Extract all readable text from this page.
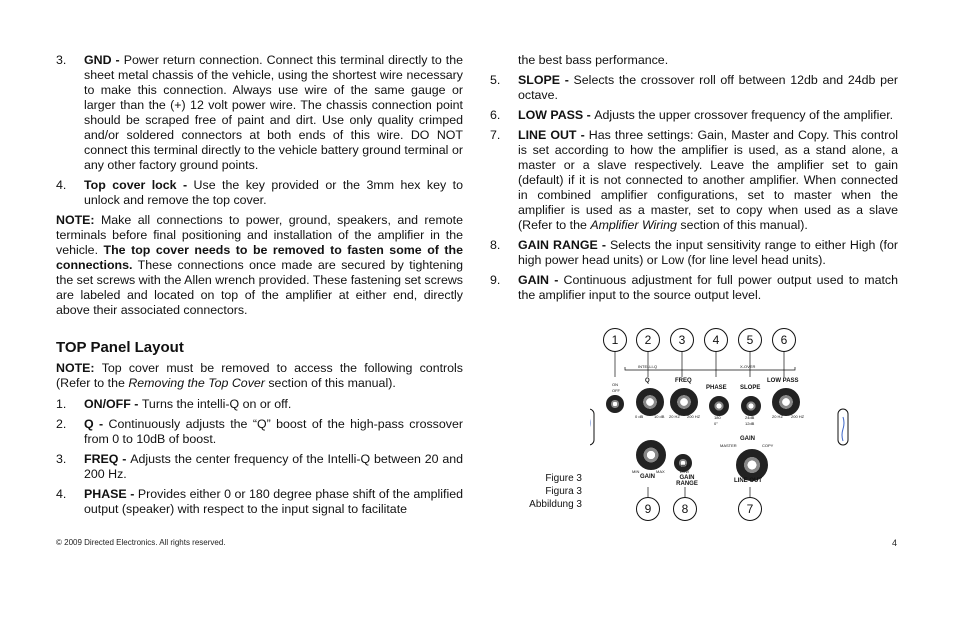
3.	GND - Power return connection. Connect this terminal directly to the sheet metal chassis of the vehicle, using the shortest wire necessary to make this connection. Always use wire of the same gauge or larger than the (+) 12 volt power wire. The chassis connection point should be scraped free of paint and dirt. Use only quality crimped and/or soldered connectors at both ends of this wire. DO NOT connect this terminal directly to the vehicle battery ground terminal or any other factory ground points.
4.	Top cover lock - Use the key provided or the 3mm hex key to unlock and remove the top cover.
NOTE: Make all connections to power, ground, speakers, and remote terminals before final positioning and installation of the amplifier in the vehicle. The top cover needs to be removed to fasten some of the connections. These connections once made are secured by tightening the set screws with the Allen wrench provided. These fastening set screws are labeled and located on top of the amplifier at either end, directly above their associated connectors.
TOP Panel Layout
NOTE: Top cover must be removed to access the following controls (Refer to the Removing the Top Cover section of this manual).
1.	ON/OFF - Turns the intelli-Q on or off.
2.	Q - Continuously adjusts the “Q” boost of the high-pass crossover from 0 to 10dB of boost.
3.	FREQ - Adjusts the center frequency of the Intelli-Q between 20 and 200 Hz.
4.	PHASE - Provides either 0 or 180 degree phase shift of the amplified output (speaker) with respect to the input signal to facilitate
the best bass performance.
5.	SLOPE - Selects the crossover roll off between 12db and 24db per octave.
6.	LOW PASS - Adjusts the upper crossover frequency of the amplifier.
7.	LINE OUT - Has three settings: Gain, Master and Copy. This control is set according to how the amplifier is used, as a stand alone, a master or a slave respectively. Leave the amplifier set to gain (default) if it is not connected to another amplifier. When connected in combined amplifier configurations, set to master when the amplifier is used as a master, set to copy when used as a slave (Refer to the Amplifier Wiring section of this manual).
8.	GAIN RANGE - Selects the input sensitivity range to either High (for high power head units) or Low (for line level head units).
9.	GAIN - Continuous adjustment for full power output used to match the amplifier input to the source output level.
Figure 3
Figura 3
Abbildung 3
1	2	3	4	5	6
INTELLI-Q	X-OVER
ON
OFF
Q	FREQ
PHASE SLOPE
LOW PASS
0 dB	10 dB 20 HZ 200 HZ	180
0°
24dB
12dB
20 HZ 200 HZ
MIN	MAX
GAIN
HIGH
LOW
GAIN RANGE
GAIN
MASTER	COPY
LINE OUT
9	8	7
© 2009 Directed Electronics. All rights reserved.	4
